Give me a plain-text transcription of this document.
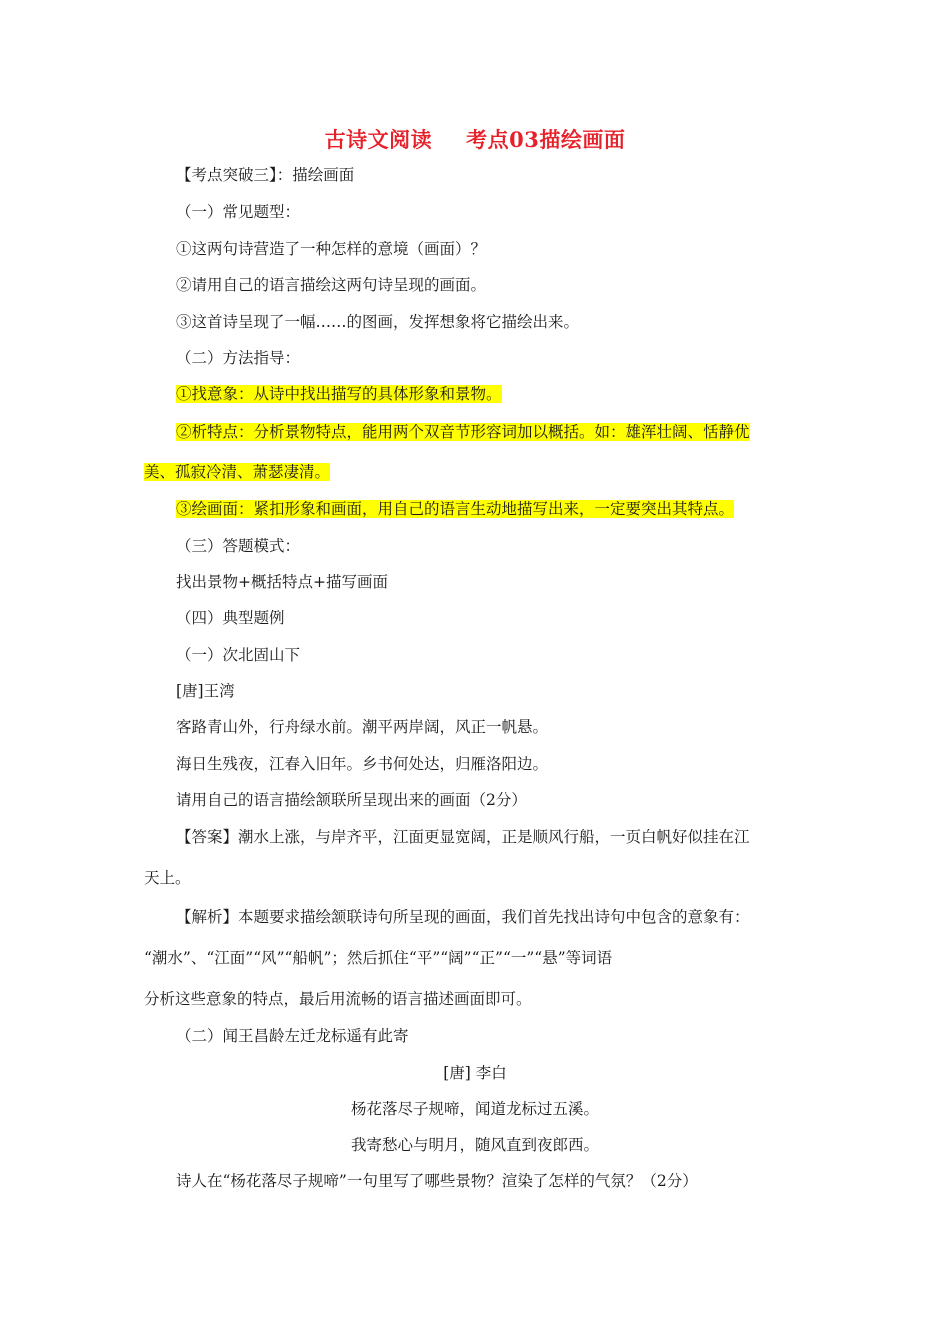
古诗文阅读 考点03描绘画面
【考点突破三】：描绘画面
（一）常见题型：
①这两句诗营造了一种怎样的意境（画面）？
②请用自己的语言描绘这两句诗呈现的画面。
③这首诗呈现了一幅……的图画，发挥想象将它描绘出来。
（二）方法指导：
①找意象：从诗中找出描写的具体形象和景物。
②析特点：分析景物特点，能用两个双音节形容词加以概括。如：雄浑壮阔、恬静优
美、孤寂冷清、萧瑟凄清。
③绘画面：紧扣形象和画面，用自己的语言生动地描写出来，一定要突出其特点。
（三）答题模式：
找出景物+概括特点+描写画面
（四）典型题例
（一）次北固山下
[唐]王湾
客路青山外，行舟绿水前。潮平两岸阔，风正一帆悬。
海日生残夜，江春入旧年。乡书何处达，归雁洛阳边。
请用自己的语言描绘颔联所呈现出来的画面（2分）
【答案】潮水上涨，与岸齐平，江面更显宽阔，正是顺风行船，一页白帆好似挂在江
天上。
【解析】本题要求描绘颔联诗句所呈现的画面，我们首先找出诗句中包含的意象有：
“潮水”、“江面”“风”“船帆”；然后抓住“平”“阔”“正”“一”“悬”等词语
分析这些意象的特点，最后用流畅的语言描述画面即可。
（二）闻王昌龄左迁龙标遥有此寄
[唐] 李白
杨花落尽子规啼，闻道龙标过五溪。
我寄愁心与明月，随风直到夜郎西。
诗人在“杨花落尽子规啼”一句里写了哪些景物？渲染了怎样的气氛？（2分）
